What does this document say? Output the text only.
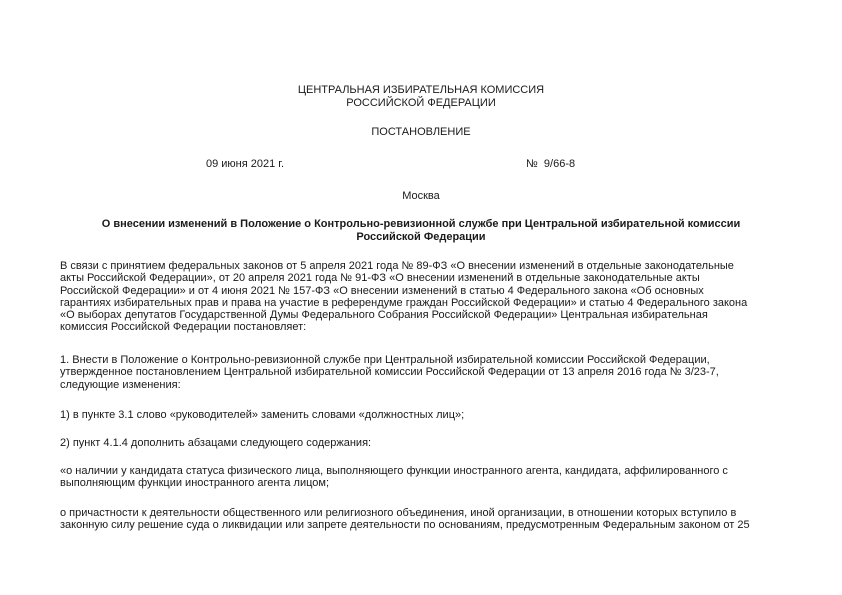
ЦЕНТРАЛЬНАЯ ИЗБИРАТЕЛЬНАЯ КОМИССИЯ
РОССИЙСКОЙ ФЕДЕРАЦИИ
ПОСТАНОВЛЕНИЕ
09 июня 2021 г.	№  9/66-8
Москва
О внесении изменений в Положение о Контрольно-ревизионной службе при Центральной избирательной комиссии
Российской Федерации
В связи с принятием федеральных законов от 5 апреля 2021 года № 89-ФЗ «О внесении изменений в отдельные законодательные
акты Российской Федерации», от 20 апреля 2021 года № 91-ФЗ «О внесении изменений в отдельные законодательные акты
Российской Федерации» и от 4 июня 2021 № 157-ФЗ «О внесении изменений в статью 4 Федерального закона «Об основных
гарантиях избирательных прав и права на участие в референдуме граждан Российской Федерации» и статью 4 Федерального закона
«О выборах депутатов Государственной Думы Федерального Собрания Российской Федерации» Центральная избирательная
комиссия Российской Федерации постановляет:
1. Внести в Положение о Контрольно-ревизионной службе при Центральной избирательной комиссии Российской Федерации,
утвержденное постановлением Центральной избирательной комиссии Российской Федерации от 13 апреля 2016 года № 3/23-7,
следующие изменения:
1) в пункте 3.1 слово «руководителей» заменить словами «должностных лиц»;
2) пункт 4.1.4 дополнить абзацами следующего содержания:
«о наличии у кандидата статуса физического лица, выполняющего функции иностранного агента, кандидата, аффилированного с
выполняющим функции иностранного агента лицом;
о причастности к деятельности общественного или религиозного объединения, иной организации, в отношении которых вступило в
законную силу решение суда о ликвидации или запрете деятельности по основаниям, предусмотренным Федеральным законом от 25
